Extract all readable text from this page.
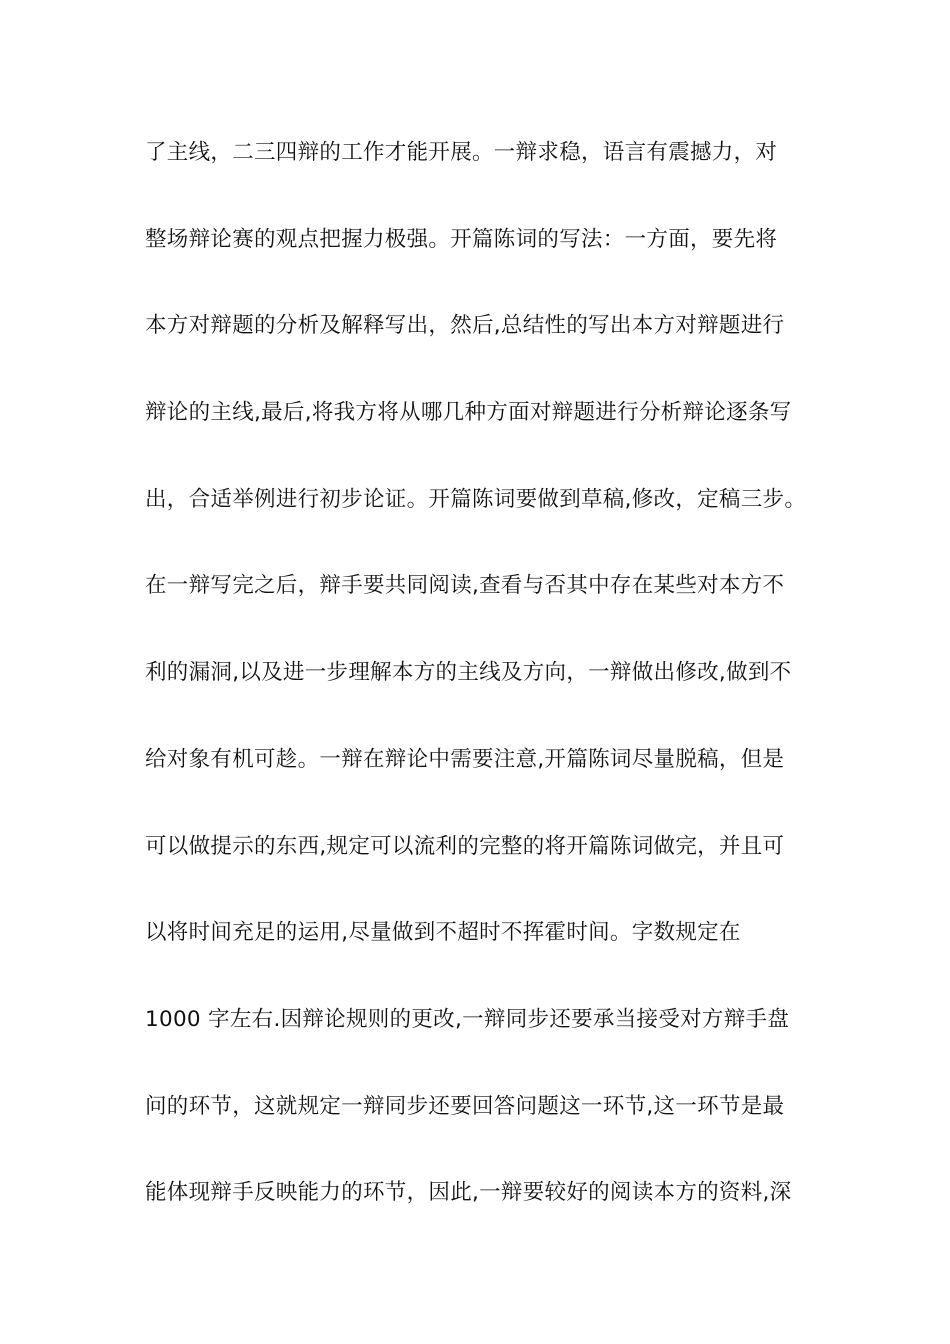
了主线，二三四辩的工作才能开展。一辩求稳，语言有震撼力，对
整场辩论赛的观点把握力极强。开篇陈词的写法：一方面，要先将
本方对辩题的分析及解释写出，然后,总结性的写出本方对辩题进行
辩论的主线,最后,将我方将从哪几种方面对辩题进行分析辩论逐条写
出，合适举例进行初步论证。开篇陈词要做到草稿,修改，定稿三步。
在一辩写完之后，辩手要共同阅读,查看与否其中存在某些对本方不
利的漏洞,以及进一步理解本方的主线及方向，一辩做出修改,做到不
给对象有机可趁。一辩在辩论中需要注意,开篇陈词尽量脱稿，但是
可以做提示的东西,规定可以流利的完整的将开篇陈词做完，并且可
以将时间充足的运用,尽量做到不超时不挥霍时间。字数规定在
1000 字左右.因辩论规则的更改,一辩同步还要承当接受对方辩手盘
问的环节，这就规定一辩同步还要回答问题这一环节,这一环节是最
能体现辩手反映能力的环节，因此,一辩要较好的阅读本方的资料,深
